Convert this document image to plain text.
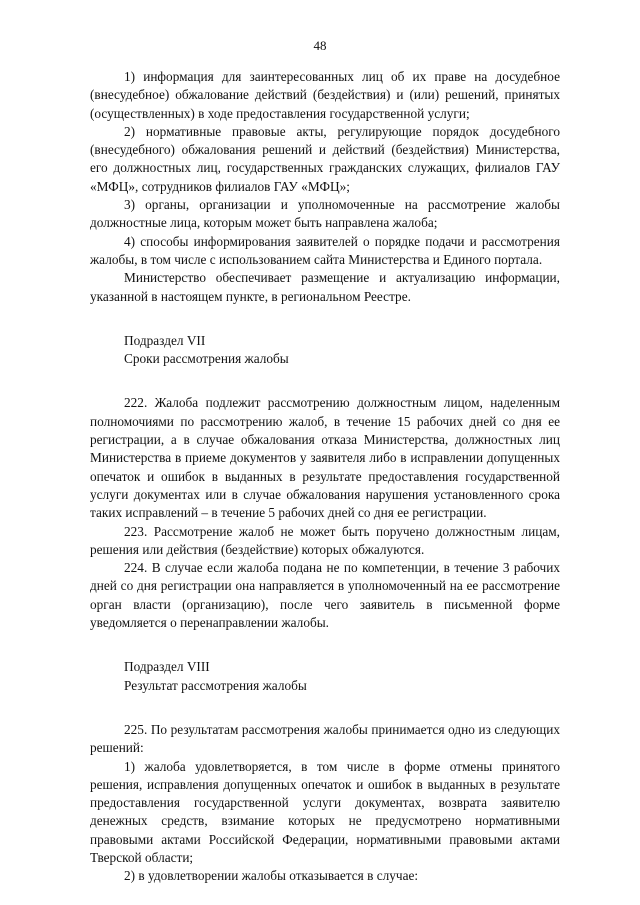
48

1) информация для заинтересованных лиц об их праве на досудебное (внесудебное) обжалование действий (бездействия) и (или) решений, принятых (осуществленных) в ходе предоставления государственной услуги;

2) нормативные правовые акты, регулирующие порядок досудебного (внесудебного) обжалования решений и действий (бездействия) Министерства, его должностных лиц, государственных гражданских служащих, филиалов ГАУ «МФЦ», сотрудников филиалов ГАУ «МФЦ»;

3) органы, организации и уполномоченные на рассмотрение жалобы должностные лица, которым может быть направлена жалоба;

4) способы информирования заявителей о порядке подачи и рассмотрения жалобы, в том числе с использованием сайта Министерства и Единого портала.

Министерство обеспечивает размещение и актуализацию информации, указанной в настоящем пункте, в региональном Реестре.

Подраздел VII

Сроки рассмотрения жалобы

222. Жалоба подлежит рассмотрению должностным лицом, наделенным полномочиями по рассмотрению жалоб, в течение 15 рабочих дней со дня ее регистрации, а в случае обжалования отказа Министерства, должностных лиц Министерства в приеме документов у заявителя либо в исправлении допущенных опечаток и ошибок в выданных в результате предоставления государственной услуги документах или в случае обжалования нарушения установленного срока таких исправлений – в течение 5 рабочих дней со дня ее регистрации.

223. Рассмотрение жалоб не может быть поручено должностным лицам, решения или действия (бездействие) которых обжалуются.

224. В случае если жалоба подана не по компетенции, в течение 3 рабочих дней со дня регистрации она направляется в уполномоченный на ее рассмотрение орган власти (организацию), после чего заявитель в письменной форме уведомляется о перенаправлении жалобы.

Подраздел VIII

Результат рассмотрения жалобы

225. По результатам рассмотрения жалобы принимается одно из следующих решений:

1) жалоба удовлетворяется, в том числе в форме отмены принятого решения, исправления допущенных опечаток и ошибок в выданных в результате предоставления государственной услуги документах, возврата заявителю денежных средств, взимание которых не предусмотрено нормативными правовыми актами Российской Федерации, нормативными правовыми актами Тверской области;

2) в удовлетворении жалобы отказывается в случае:
